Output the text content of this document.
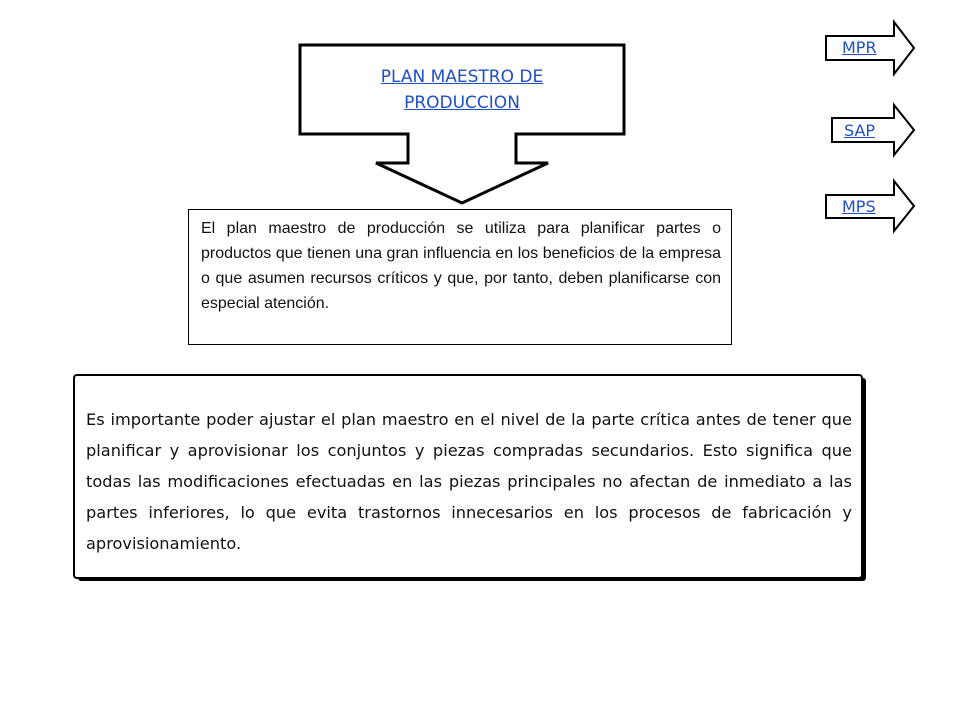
PLAN MAESTRO DE PRODUCCION
El plan maestro de producción se utiliza para planificar partes o productos que tienen una gran influencia en los beneficios de la empresa o que asumen recursos críticos y que, por tanto, deben planificarse con especial atención.
Es importante poder ajustar el plan maestro en el nivel de la parte crítica antes de tener que planificar y aprovisionar los conjuntos y piezas compradas secundarios. Esto significa que todas las modificaciones efectuadas en las piezas principales no afectan de inmediato a las partes inferiores, lo que evita trastornos innecesarios en los procesos de fabricación y aprovisionamiento.
MPR
SAP
MPS
